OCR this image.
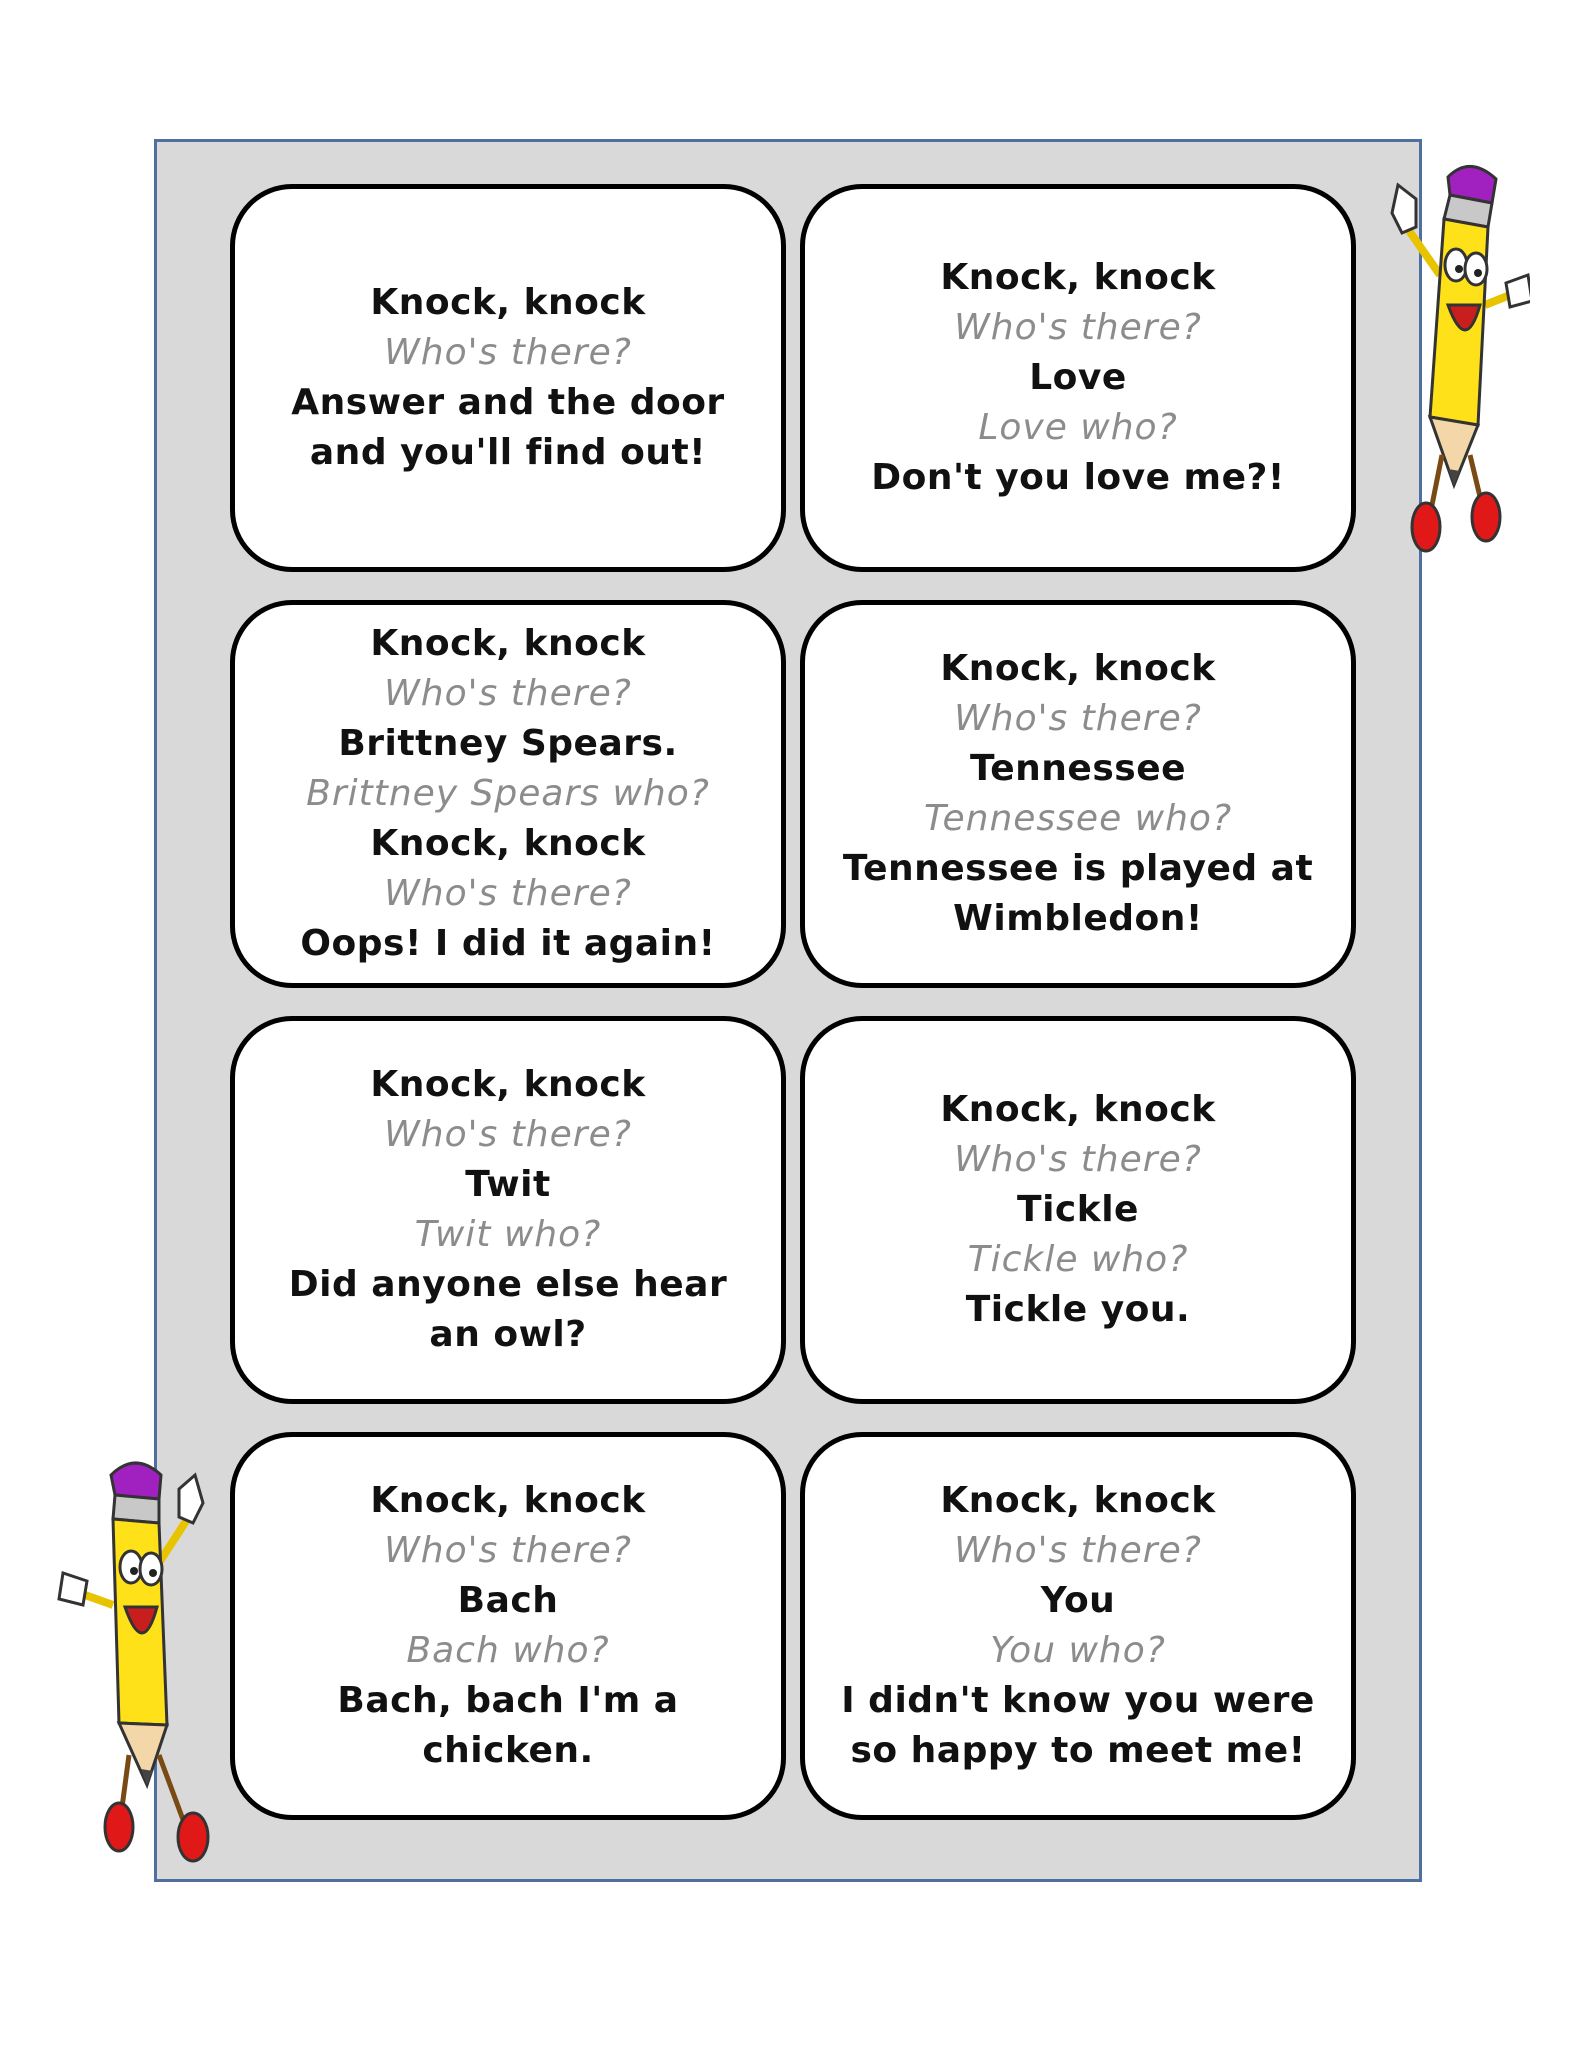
Knock, knock
Who's there?
Answer and the door
and you'll find out!
Knock, knock
Who's there?
Love
Love who?
Don't you love me?!
Knock, knock
Who's there?
Brittney Spears.
Brittney Spears who?
Knock, knock
Who's there?
Oops! I did it again!
Knock, knock
Who's there?
Tennessee
Tennessee who?
Tennessee is played at
Wimbledon!
Knock, knock
Who's there?
Twit
Twit who?
Did anyone else hear
an owl?
Knock, knock
Who's there?
Tickle
Tickle who?
Tickle you.
Knock, knock
Who's there?
Bach
Bach who?
Bach, bach I'm a
chicken.
Knock, knock
Who's there?
You
You who?
I didn't know you were
so happy to meet me!
